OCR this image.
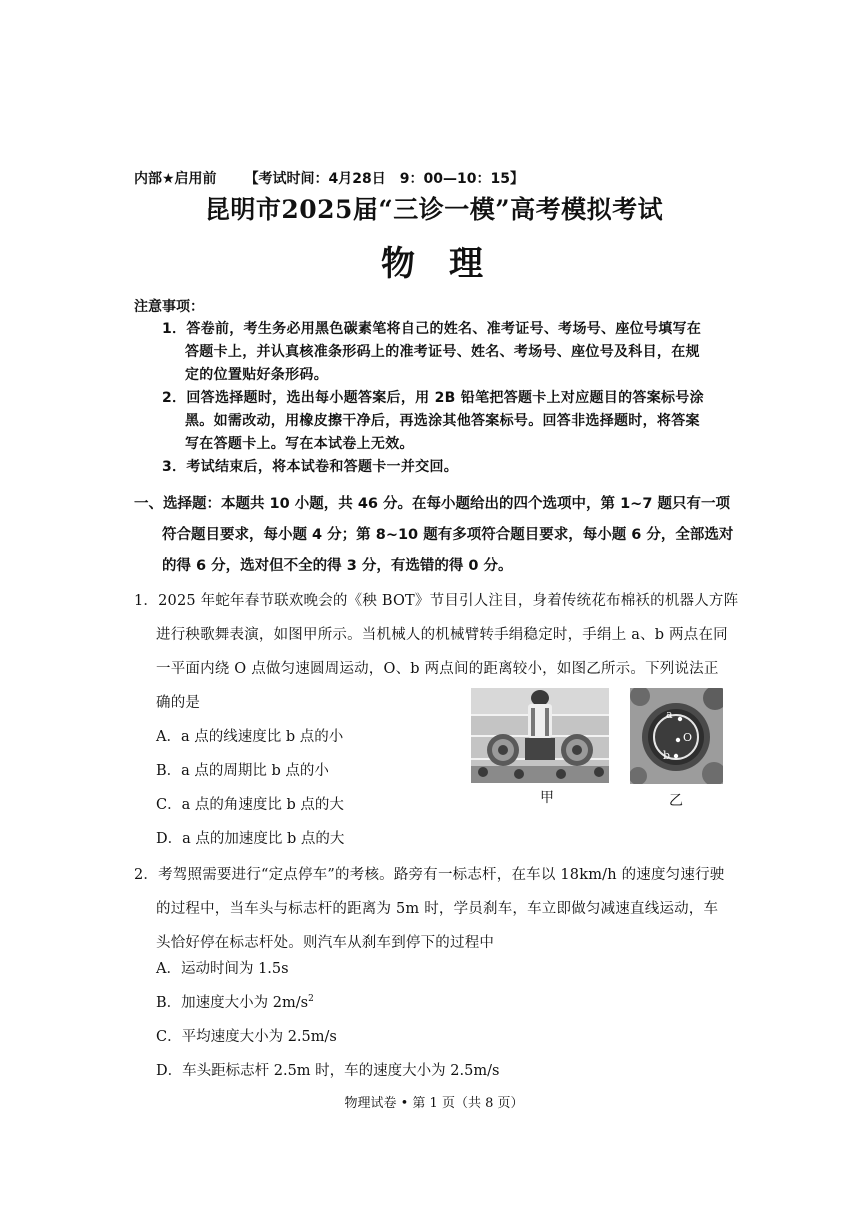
内部★启用前 【考试时间：4月28日　9：00—10：15】
昆明市2025届“三诊一模”高考模拟考试
物理
注意事项：
1．答卷前，考生务必用黑色碳素笔将自己的姓名、准考证号、考场号、座位号填写在
答题卡上，并认真核准条形码上的准考证号、姓名、考场号、座位号及科目，在规
定的位置贴好条形码。
2．回答选择题时，选出每小题答案后，用 2B 铅笔把答题卡上对应题目的答案标号涂
黑。如需改动，用橡皮擦干净后，再选涂其他答案标号。回答非选择题时，将答案
写在答题卡上。写在本试卷上无效。
3．考试结束后，将本试卷和答题卡一并交回。
一、选择题：本题共 10 小题，共 46 分。在每小题给出的四个选项中，第 1~7 题只有一项
符合题目要求，每小题 4 分；第 8~10 题有多项符合题目要求，每小题 6 分，全部选对
的得 6 分，选对但不全的得 3 分，有选错的得 0 分。
1．2025 年蛇年春节联欢晚会的《秧 BOT》节目引人注目，身着传统花布棉袄的机器人方阵
进行秧歌舞表演，如图甲所示。当机械人的机械臂转手绢稳定时，手绢上 a、b 两点在同
一平面内绕 O 点做匀速圆周运动，O、b 两点间的距离较小，如图乙所示。下列说法正
确的是
A．a 点的线速度比 b 点的小
B．a 点的周期比 b 点的小
C．a 点的角速度比 b 点的大
D．a 点的加速度比 b 点的大
甲
a
O
b
乙
2．考驾照需要进行“定点停车”的考核。路旁有一标志杆，在车以 18km/h 的速度匀速行驶
的过程中，当车头与标志杆的距离为 5m 时，学员刹车，车立即做匀减速直线运动，车
头恰好停在标志杆处。则汽车从刹车到停下的过程中
A．运动时间为 1.5s
B．加速度大小为 $2m/s^2$
C．平均速度大小为 2.5m/s
D．车头距标志杆 2.5m 时，车的速度大小为 2.5m/s
物理试卷 • 第 1 页（共 8 页）
